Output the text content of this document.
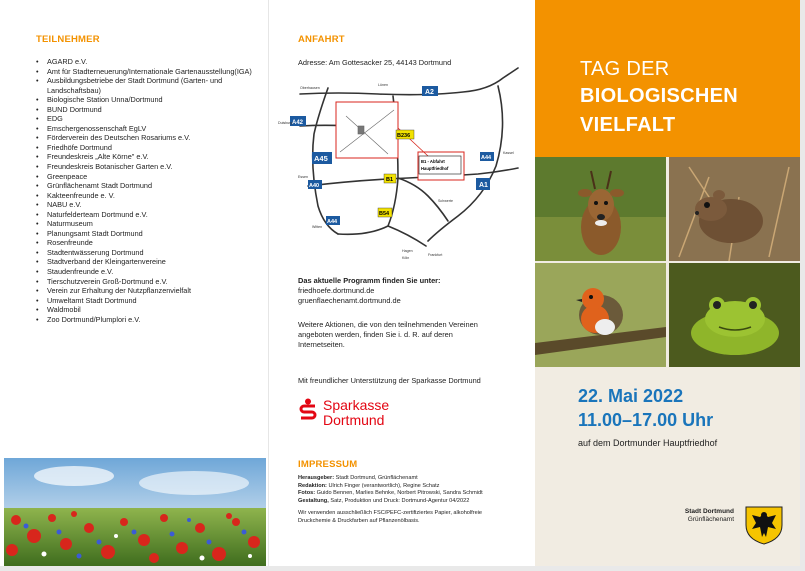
TEILNEHMER
• AGARD e.V.
• Amt für Stadterneuerung/Internationale Gartenausstellung(IGA)
• Ausbildungsbetriebe der Stadt Dortmund (Garten- und Landschaftsbau)
• Biologische Station Unna/Dortmund
• BUND Dortmund
• EDG
• Emschergenossenschaft EgLV
• Förderverein des Deutschen Rosariums e.V.
• Friedhöfe Dortmund
• Freundeskreis „Alte Körne" e.V.
• Freundeskreis Botanischer Garten e.V.
• Greenpeace
• Grünflächenamt Stadt Dortmund
• Kakteenfreunde e. V.
• NABU e.V.
• Naturfelderteam Dortmund e.V.
• Naturmuseum
• Planungsamt Stadt Dortmund
• Rosenfreunde
• Stadtentwässerung Dortmund
• Stadtverband der Kleingartenvereine
• Staudenfreunde e.V.
• Tierschutzverein Groß-Dortmund e.V.
• Verein zur Erhaltung der Nutzpflanzenvielfalt
• Umweltamt Stadt Dortmund
• Waldmobil
• Zoo Dortmund/Plumplori e.V.
ANFAHRT
Adresse: Am Gottesacker 25, 44143 Dortmund
B1 - Abfahrt
Hauptfriedhof
A2
A42
A45
A40
A44
A1
A44
B236
B1
B54
Lünen
Kassel
Schwerte
Hagen
Köln
Frankfurt
Witten
Essen
Oberhausen
Duisburg
Das aktuelle Programm finden Sie unter:
friedhoefe.dortmund.de
gruenflaechenamt.dortmund.de
Weitere Aktionen, die von den teilnehmenden Vereinen angeboten werden, finden Sie i. d. R. auf deren Internetseiten.
Mit freundlicher Unterstützung der Sparkasse Dortmund
Sparkasse
Dortmund
IMPRESSUM
Herausgeber: Stadt Dortmund, Grünflächenamt
Redaktion: Ulrich Finger (verantwortlich), Regine Schatz
Fotos: Guido Bennen, Marlies Behnke, Norbert Pitrowski, Sandra Schmidt
Gestaltung, Satz, Produktion und Druck: Dortmund-Agentur 04/2022
Wir verwenden ausschließlich FSC/PEFC-zertifiziertes Papier, alkoholfreie Druckchemie & Druckfarben auf Pflanzenölbasis.
TAG DER
BIOLOGISCHEN
VIELFALT
22. Mai 2022
11.00–17.00 Uhr
auf dem Dortmunder Hauptfriedhof
Stadt Dortmund
Grünflächenamt
